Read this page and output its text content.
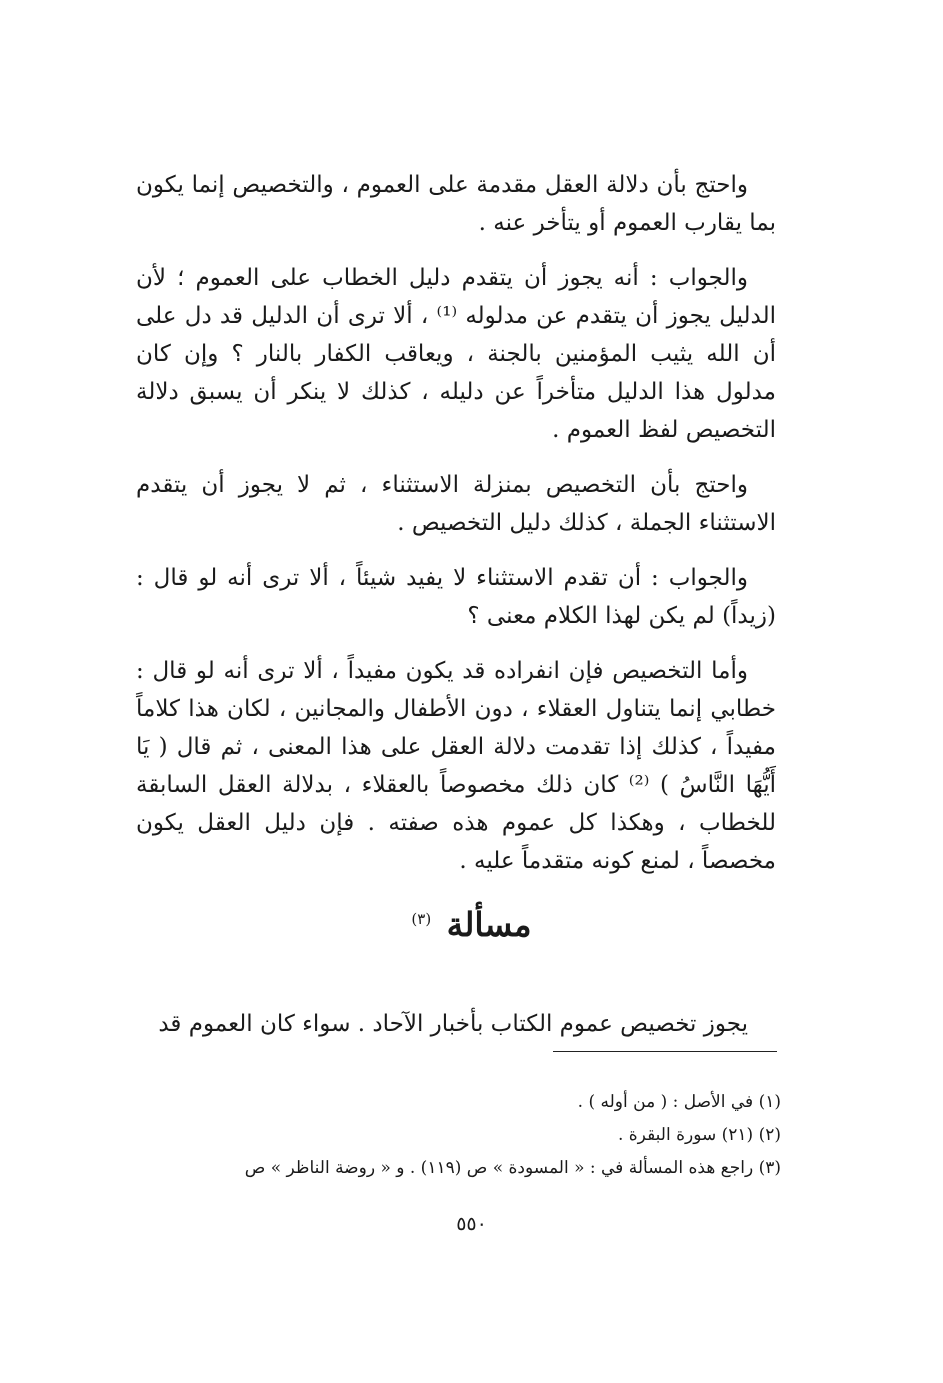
واحتج بأن دلالة العقل مقدمة على العموم ، والتخصيص إنما يكون بما يقارب العموم أو يتأخر عنه .

والجواب : أنه يجوز أن يتقدم دليل الخطاب على العموم ؛ لأن الدليل يجوز أن يتقدم عن مدلوله ⁽¹⁾ ، ألا ترى أن الدليل قد دل على أن الله يثيب المؤمنين بالجنة ، ويعاقب الكفار بالنار ؟ وإن كان مدلول هذا الدليل متأخراً عن دليله ، كذلك لا ينكر أن يسبق دلالة التخصيص لفظ العموم .

واحتج بأن التخصيص بمنزلة الاستثناء ، ثم لا يجوز أن يتقدم الاستثناء الجملة ، كذلك دليل التخصيص .

والجواب : أن تقدم الاستثناء لا يفيد شيئاً ، ألا ترى أنه لو قال : (زيداً) لم يكن لهذا الكلام معنى ؟

وأما التخصيص فإن انفراده قد يكون مفيداً ، ألا ترى أنه لو قال : خطابي إنما يتناول العقلاء ، دون الأطفال والمجانين ، لكان هذا كلاماً مفيداً ، كذلك إذا تقدمت دلالة العقل على هذا المعنى ، ثم قال ( يَا أَيُّهَا النَّاسُ ) ⁽²⁾ كان ذلك مخصوصاً بالعقلاء ، بدلالة العقل السابقة للخطاب ، وهكذا كل عموم هذه صفته . فإن دليل العقل يكون مخصصاً ، لمنع كونه متقدماً عليه .

مسألة $^{(٣)}$

يجوز تخصيص عموم الكتاب بأخبار الآحاد . سواء كان العموم قد

(١) في الأصل : ( من أوله ) .

(٢) (٢١) سورة البقرة .

(٣) راجع هذه المسألة في : « المسودة » ص (١١٩) . و « روضة الناظر » ص

٥٥٠
